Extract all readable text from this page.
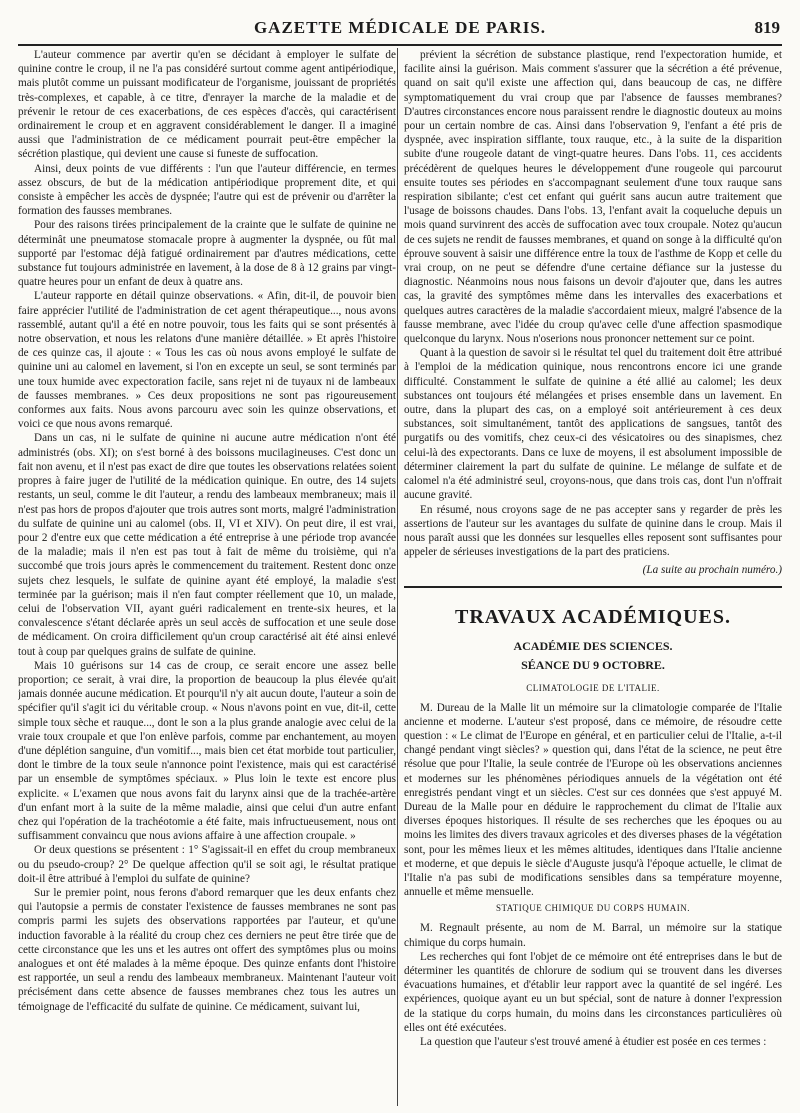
GAZETTE MÉDICALE DE PARIS.	819

L'auteur commence par avertir qu'en se décidant à employer le sulfate de quinine contre le croup, il ne l'a pas considéré surtout comme agent antipériodique, mais plutôt comme un puissant modificateur de l'organisme, jouissant de propriétés très-complexes, et capable, à ce titre, d'enrayer la marche de la maladie et de prévenir le retour de ces exacerbations, de ces espèces d'accès, qui caractérisent ordinairement le croup et en aggravent considérablement le danger. Il a imaginé aussi que l'administration de ce médicament pourrait peut-être empêcher la sécrétion plastique, qui devient une cause si funeste de suffocation.

Ainsi, deux points de vue différents : l'un que l'auteur différencie, en termes assez obscurs, de but de la médication antipériodique proprement dite, et qui consiste à empêcher les accès de dyspnée; l'autre qui est de prévenir ou d'arrêter la formation des fausses membranes.

Pour des raisons tirées principalement de la crainte que le sulfate de quinine ne déterminât une pneumatose stomacale propre à augmenter la dyspnée, ou fût mal supporté par l'estomac déjà fatigué ordinairement par d'autres médications, cette substance fut toujours administrée en lavement, à la dose de 8 à 12 grains par vingt-quatre heures pour un enfant de deux à quatre ans.

L'auteur rapporte en détail quinze observations. « Afin, dit-il, de pouvoir bien faire apprécier l'utilité de l'administration de cet agent thérapeutique..., nous avons rassemblé, autant qu'il a été en notre pouvoir, tous les faits qui se sont présentés à notre observation, et nous les relatons d'une manière détaillée. » Et après l'histoire de ces quinze cas, il ajoute : « Tous les cas où nous avons employé le sulfate de quinine uni au calomel en lavement, si l'on en excepte un seul, se sont terminés par une toux humide avec expectoration facile, sans rejet ni de tuyaux ni de lambeaux de fausses membranes. » Ces deux propositions ne sont pas rigoureusement conformes aux faits. Nous avons parcouru avec soin les quinze observations, et voici ce que nous avons remarqué.

Dans un cas, ni le sulfate de quinine ni aucune autre médication n'ont été administrés (obs. XI); on s'est borné à des boissons mucilagineuses. C'est donc un fait non avenu, et il n'est pas exact de dire que toutes les observations relatées soient propres à faire juger de l'utilité de la médication quinique. En outre, des 14 sujets restants, un seul, comme le dit l'auteur, a rendu des lambeaux membraneux; mais il n'est pas hors de propos d'ajouter que trois autres sont morts, malgré l'administration du sulfate de quinine uni au calomel (obs. II, VI et XIV). On peut dire, il est vrai, pour 2 d'entre eux que cette médication a été entreprise à une période trop avancée de la maladie; mais il n'en est pas tout à fait de même du troisième, qui n'a succombé que trois jours après le commencement du traitement. Restent donc onze sujets chez lesquels, le sulfate de quinine ayant été employé, la maladie s'est terminée par la guérison; mais il n'en faut compter réellement que 10, un malade, celui de l'observation VII, ayant guéri radicalement en trente-six heures, et la convalescence s'étant déclarée après un seul accès de suffocation et une seule dose de médicament. On croira difficilement qu'un croup caractérisé ait été ainsi enlevé tout à coup par quelques grains de sulfate de quinine.

Mais 10 guérisons sur 14 cas de croup, ce serait encore une assez belle proportion; ce serait, à vrai dire, la proportion de beaucoup la plus élevée qu'ait jamais donnée aucune médication. Et pourqu'il n'y ait aucun doute, l'auteur a soin de spécifier qu'il s'agit ici du véritable croup. « Nous n'avons point en vue, dit-il, cette simple toux sèche et rauque..., dont le son a la plus grande analogie avec celui de la vraie toux croupale et que l'on enlève parfois, comme par enchantement, au moyen d'une déplétion sanguine, d'un vomitif..., mais bien cet état morbide tout particulier, dont le timbre de la toux seule n'annonce point l'existence, mais qui est caractérisé par un ensemble de symptômes spéciaux. » Plus loin le texte est encore plus explicite. « L'examen que nous avons fait du larynx ainsi que de la trachée-artère d'un enfant mort à la suite de la même maladie, ainsi que celui d'un autre enfant chez qui l'opération de la trachéotomie a été faite, mais infructueusement, nous ont suffisamment convaincu que nous avions affaire à une affection croupale. »

Or deux questions se présentent : 1° S'agissait-il en effet du croup membraneux ou du pseudo-croup? 2° De quelque affection qu'il se soit agi, le résultat pratique doit-il être attribué à l'emploi du sulfate de quinine?

Sur le premier point, nous ferons d'abord remarquer que les deux enfants chez qui l'autopsie a permis de constater l'existence de fausses membranes ne sont pas compris parmi les sujets des observations rapportées par l'auteur, et qu'une induction favorable à la réalité du croup chez ces derniers ne peut être tirée que de cette circonstance que les uns et les autres ont offert des symptômes plus ou moins analogues et ont été malades à la même époque. Des quinze enfants dont l'histoire est rapportée, un seul a rendu des lambeaux membraneux. Maintenant l'auteur voit précisément dans cette absence de fausses membranes chez tous les autres un témoignage de l'efficacité du sulfate de quinine. Ce médicament, suivant lui,

prévient la sécrétion de substance plastique, rend l'expectoration humide, et facilite ainsi la guérison. Mais comment s'assurer que la sécrétion a été prévenue, quand on sait qu'il existe une affection qui, dans beaucoup de cas, ne diffère symptomatiquement du vrai croup que par l'absence de fausses membranes? D'autres circonstances encore nous paraissent rendre le diagnostic douteux au moins pour un certain nombre de cas. Ainsi dans l'observation 9, l'enfant a été pris de dyspnée, avec inspiration sifflante, toux rauque, etc., à la suite de la disparition subite d'une rougeole datant de vingt-quatre heures. Dans l'obs. 11, ces accidents précédèrent de quelques heures le développement d'une rougeole qui parcourut ensuite toutes ses périodes en s'accompagnant seulement d'une toux rauque sans respiration sibilante; c'est cet enfant qui guérit sans aucun autre traitement que l'usage de boissons chaudes. Dans l'obs. 13, l'enfant avait la coqueluche depuis un mois quand survinrent des accès de suffocation avec toux croupale. Notez qu'aucun de ces sujets ne rendit de fausses membranes, et quand on songe à la difficulté qu'on éprouve souvent à saisir une différence entre la toux de l'asthme de Kopp et celle du vrai croup, on ne peut se défendre d'une certaine défiance sur la justesse du diagnostic. Néanmoins nous nous faisons un devoir d'ajouter que, dans les autres cas, la gravité des symptômes même dans les intervalles des exacerbations et quelques autres caractères de la maladie s'accordaient mieux, malgré l'absence de la fausse membrane, avec l'idée du croup qu'avec celle d'une affection spasmodique quelconque du larynx. Nous n'oserions nous prononcer nettement sur ce point.

Quant à la question de savoir si le résultat tel quel du traitement doit être attribué à l'emploi de la médication quinique, nous rencontrons encore ici une grande difficulté. Constamment le sulfate de quinine a été allié au calomel; les deux substances ont toujours été mélangées et prises ensemble dans un lavement. En outre, dans la plupart des cas, on a employé soit antérieurement à ces deux substances, soit simultanément, tantôt des applications de sangsues, tantôt des purgatifs ou des vomitifs, chez ceux-ci des vésicatoires ou des sinapismes, chez celui-là des expectorants. Dans ce luxe de moyens, il est absolument impossible de déterminer clairement la part du sulfate de quinine. Le mélange de sulfate et de calomel n'a été administré seul, croyons-nous, que dans trois cas, dont l'un n'offrait aucune gravité.

En résumé, nous croyons sage de ne pas accepter sans y regarder de près les assertions de l'auteur sur les avantages du sulfate de quinine dans le croup. Mais il nous paraît aussi que les données sur lesquelles elles reposent sont suffisantes pour appeler de sérieuses investigations de la part des praticiens.

(La suite au prochain numéro.)

TRAVAUX ACADÉMIQUES.
ACADÉMIE DES SCIENCES.
SÉANCE DU 9 OCTOBRE.
CLIMATOLOGIE DE L'ITALIE.

M. Dureau de la Malle lit un mémoire sur la climatologie comparée de l'Italie ancienne et moderne. L'auteur s'est proposé, dans ce mémoire, de résoudre cette question : « Le climat de l'Europe en général, et en particulier celui de l'Italie, a-t-il changé pendant vingt siècles? » question qui, dans l'état de la science, ne peut être résolue que pour l'Italie, la seule contrée de l'Europe où les observations anciennes et modernes sur les phénomènes périodiques annuels de la végétation ont été enregistrés pendant vingt et un siècles. C'est sur ces données que s'est appuyé M. Dureau de la Malle pour en déduire le rapprochement du climat de l'Italie aux diverses époques historiques. Il résulte de ses recherches que les époques ou au moins les limites des divers travaux agricoles et des diverses phases de la végétation sont, pour les mêmes lieux et les mêmes altitudes, identiques dans l'Italie ancienne et moderne, et que depuis le siècle d'Auguste jusqu'à l'époque actuelle, le climat de l'Italie n'a pas subi de modifications sensibles dans sa température moyenne, annuelle et même mensuelle.

STATIQUE CHIMIQUE DU CORPS HUMAIN.

M. Regnault présente, au nom de M. Barral, un mémoire sur la statique chimique du corps humain.

Les recherches qui font l'objet de ce mémoire ont été entreprises dans le but de déterminer les quantités de chlorure de sodium qui se trouvent dans les diverses évacuations humaines, et d'établir leur rapport avec la quantité de sel ingéré. Les expériences, quoique ayant eu un but spécial, sont de nature à donner l'expression de la statique du corps humain, du moins dans les circonstances particulières où elles ont été exécutées.

La question que l'auteur s'est trouvé amené à étudier est posée en ces termes :
